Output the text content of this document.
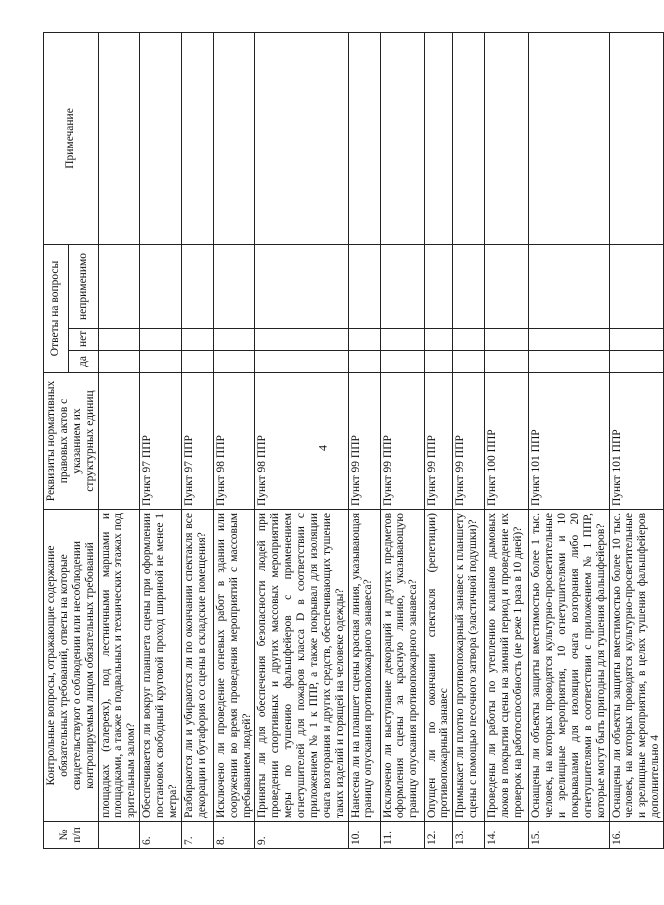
4
№ п/п	Контрольные вопросы, отражающие содержание обязательных требований, ответы на которые свидетельствуют о соблюдении или несоблюдении контролируемым лицом обязательных требований	Реквизиты нормативных правовых актов с указанием их структурных единиц	Ответы на вопросы			Примечание
			да	нет	неприменимо	
	площадках (галереях), под лестничными маршами и площадками, а также в подвальных и технических этажах под зрительным залом?					
6.	Обеспечивается ли вокруг планшета сцены при оформлении постановок свободный круговой проход шириной не менее 1 метра?	Пункт 97 ППР				
7.	Разбираются ли и убираются ли по окончании спектакля все декорации и бутафория со сцены в складские помещения?	Пункт 97 ППР				
8.	Исключено ли проведение огневых работ в здании или сооружении во время проведения мероприятий с массовым пребыванием людей?	Пункт 98 ППР				
9.	Приняты ли для обеспечения безопасности людей при проведении спортивных и других массовых мероприятий меры по тушению фальшфейеров с применением огнетушителей для пожаров класса D в соответствии с приложением № 1 к ППР, а также покрывал для изоляции очага возгорания и других средств, обеспечивающих тушение таких изделий и горящей на человеке одежды?	Пункт 98 ППР				
10.	Нанесена ли на планшет сцены красная линия, указывающая границу опускания противопожарного занавеса?	Пункт 99 ППР				
11.	Исключено ли выступание декораций и других предметов оформления сцены за красную линию, указывающую границу опускания противопожарного занавеса?	Пункт 99 ППР				
12.	Опущен ли по окончании спектакля (репетиции) противопожарный занавес	Пункт 99 ППР				
13.	Примыкает ли плотно противопожарный занавес к планшету сцены с помощью песочного затвора (эластичной подушки)?	Пункт 99 ППР				
14.	Проведены ли работы по утеплению клапанов дымовых люков в покрытии сцены на зимний период и проведение их проверок на работоспособность (не реже 1 раза в 10 дней)?	Пункт 100 ППР				
15.	Оснащены ли объекты защиты вместимостью более 1 тыс. человек, на которых проводятся культурно-просветительные и зрелищные мероприятия, 10 огнетушителями и 10 покрывалами для изоляции очага возгорания либо 20 огнетушителями в соответствии с приложением № 1 ППР, которые могут быть пригодны для тушения фальшфейеров?	Пункт 101 ППР				
16.	Оснащены ли объекты защиты вместимостью более 10 тыс. человек, на которых проводятся культурно-просветительные и зрелищные мероприятия, в целях тушения фальшфейеров дополнительно 4	Пункт 101 ППР				
